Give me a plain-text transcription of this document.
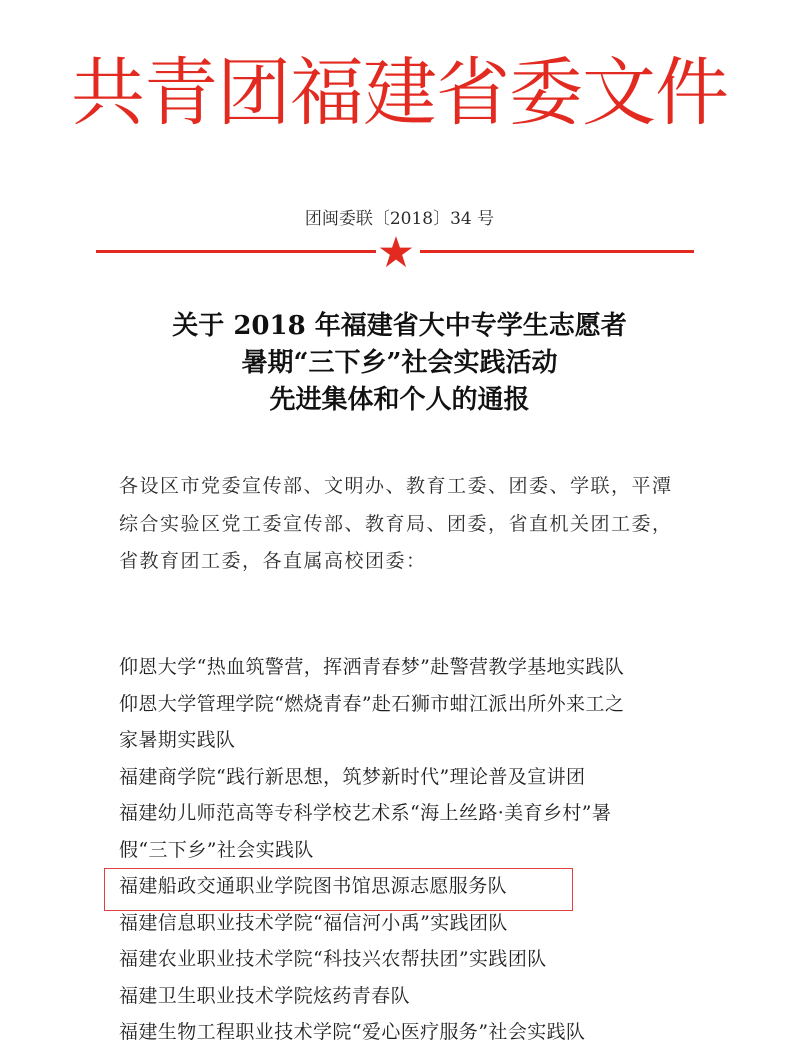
共青团福建省委文件
团闽委联〔2018〕34 号
关于 2018 年福建省大中专学生志愿者
暑期“三下乡”社会实践活动
先进集体和个人的通报
各设区市党委宣传部、文明办、教育工委、团委、学联，平潭
综合实验区党工委宣传部、教育局、团委，省直机关团工委，
省教育团工委，各直属高校团委：
仰恩大学“热血筑警营，挥洒青春梦”赴警营教学基地实践队
仰恩大学管理学院“燃烧青春”赴石狮市蚶江派出所外来工之
家暑期实践队
福建商学院“践行新思想，筑梦新时代”理论普及宣讲团
福建幼儿师范高等专科学校艺术系“海上丝路·美育乡村”暑
假“三下乡”社会实践队
福建船政交通职业学院图书馆思源志愿服务队
福建信息职业技术学院“福信河小禹”实践团队
福建农业职业技术学院“科技兴农帮扶团”实践团队
福建卫生职业技术学院炫药青春队
福建生物工程职业技术学院“爱心医疗服务”社会实践队
